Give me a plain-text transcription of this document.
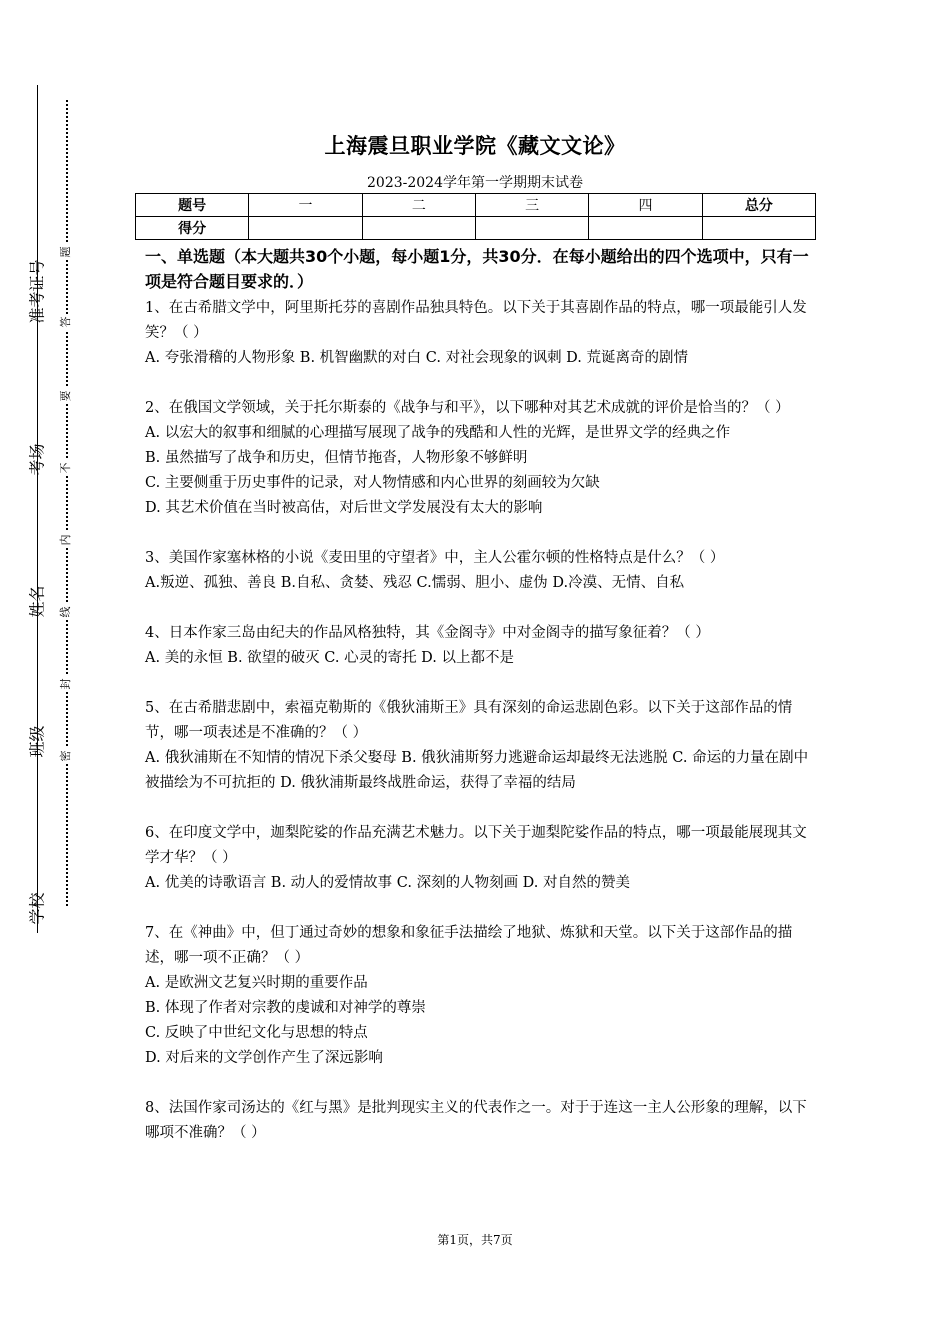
准考证号
考场
姓名
班级
学校
题
答
要
不
内
线
封
密
上海震旦职业学院《藏文文论》
2023-2024学年第一学期期末试卷
题号	一	二	三	四	总分
得分					
一、单选题（本大题共30个小题，每小题1分，共30分．在每小题给出的四个选项中，只有一项是符合题目要求的．）

1、在古希腊文学中，阿里斯托芬的喜剧作品独具特色。以下关于其喜剧作品的特点，哪一项最能引人发笑？（ ）

A. 夸张滑稽的人物形象 B. 机智幽默的对白 C. 对社会现象的讽刺 D. 荒诞离奇的剧情

2、在俄国文学领域，关于托尔斯泰的《战争与和平》，以下哪种对其艺术成就的评价是恰当的？（ ）

A. 以宏大的叙事和细腻的心理描写展现了战争的残酷和人性的光辉，是世界文学的经典之作

B. 虽然描写了战争和历史，但情节拖沓，人物形象不够鲜明

C. 主要侧重于历史事件的记录，对人物情感和内心世界的刻画较为欠缺

D. 其艺术价值在当时被高估，对后世文学发展没有太大的影响

3、美国作家塞林格的小说《麦田里的守望者》中，主人公霍尔顿的性格特点是什么？（ ）

A.叛逆、孤独、善良 B.自私、贪婪、残忍 C.懦弱、胆小、虚伪 D.冷漠、无情、自私

4、日本作家三岛由纪夫的作品风格独特，其《金阁寺》中对金阁寺的描写象征着？（ ）

A. 美的永恒 B. 欲望的破灭 C. 心灵的寄托 D. 以上都不是

5、在古希腊悲剧中，索福克勒斯的《俄狄浦斯王》具有深刻的命运悲剧色彩。以下关于这部作品的情节，哪一项表述是不准确的？（ ）

A. 俄狄浦斯在不知情的情况下杀父娶母 B. 俄狄浦斯努力逃避命运却最终无法逃脱 C. 命运的力量在剧中被描绘为不可抗拒的 D. 俄狄浦斯最终战胜命运，获得了幸福的结局

6、在印度文学中，迦梨陀娑的作品充满艺术魅力。以下关于迦梨陀娑作品的特点，哪一项最能展现其文学才华？（ ）

A. 优美的诗歌语言 B. 动人的爱情故事 C. 深刻的人物刻画 D. 对自然的赞美

7、在《神曲》中，但丁通过奇妙的想象和象征手法描绘了地狱、炼狱和天堂。以下关于这部作品的描述，哪一项不正确？（ ）

A. 是欧洲文艺复兴时期的重要作品

B. 体现了作者对宗教的虔诚和对神学的尊崇

C. 反映了中世纪文化与思想的特点

D. 对后来的文学创作产生了深远影响

8、法国作家司汤达的《红与黑》是批判现实主义的代表作之一。对于于连这一主人公形象的理解，以下哪项不准确？（ ）

第1页，共7页
